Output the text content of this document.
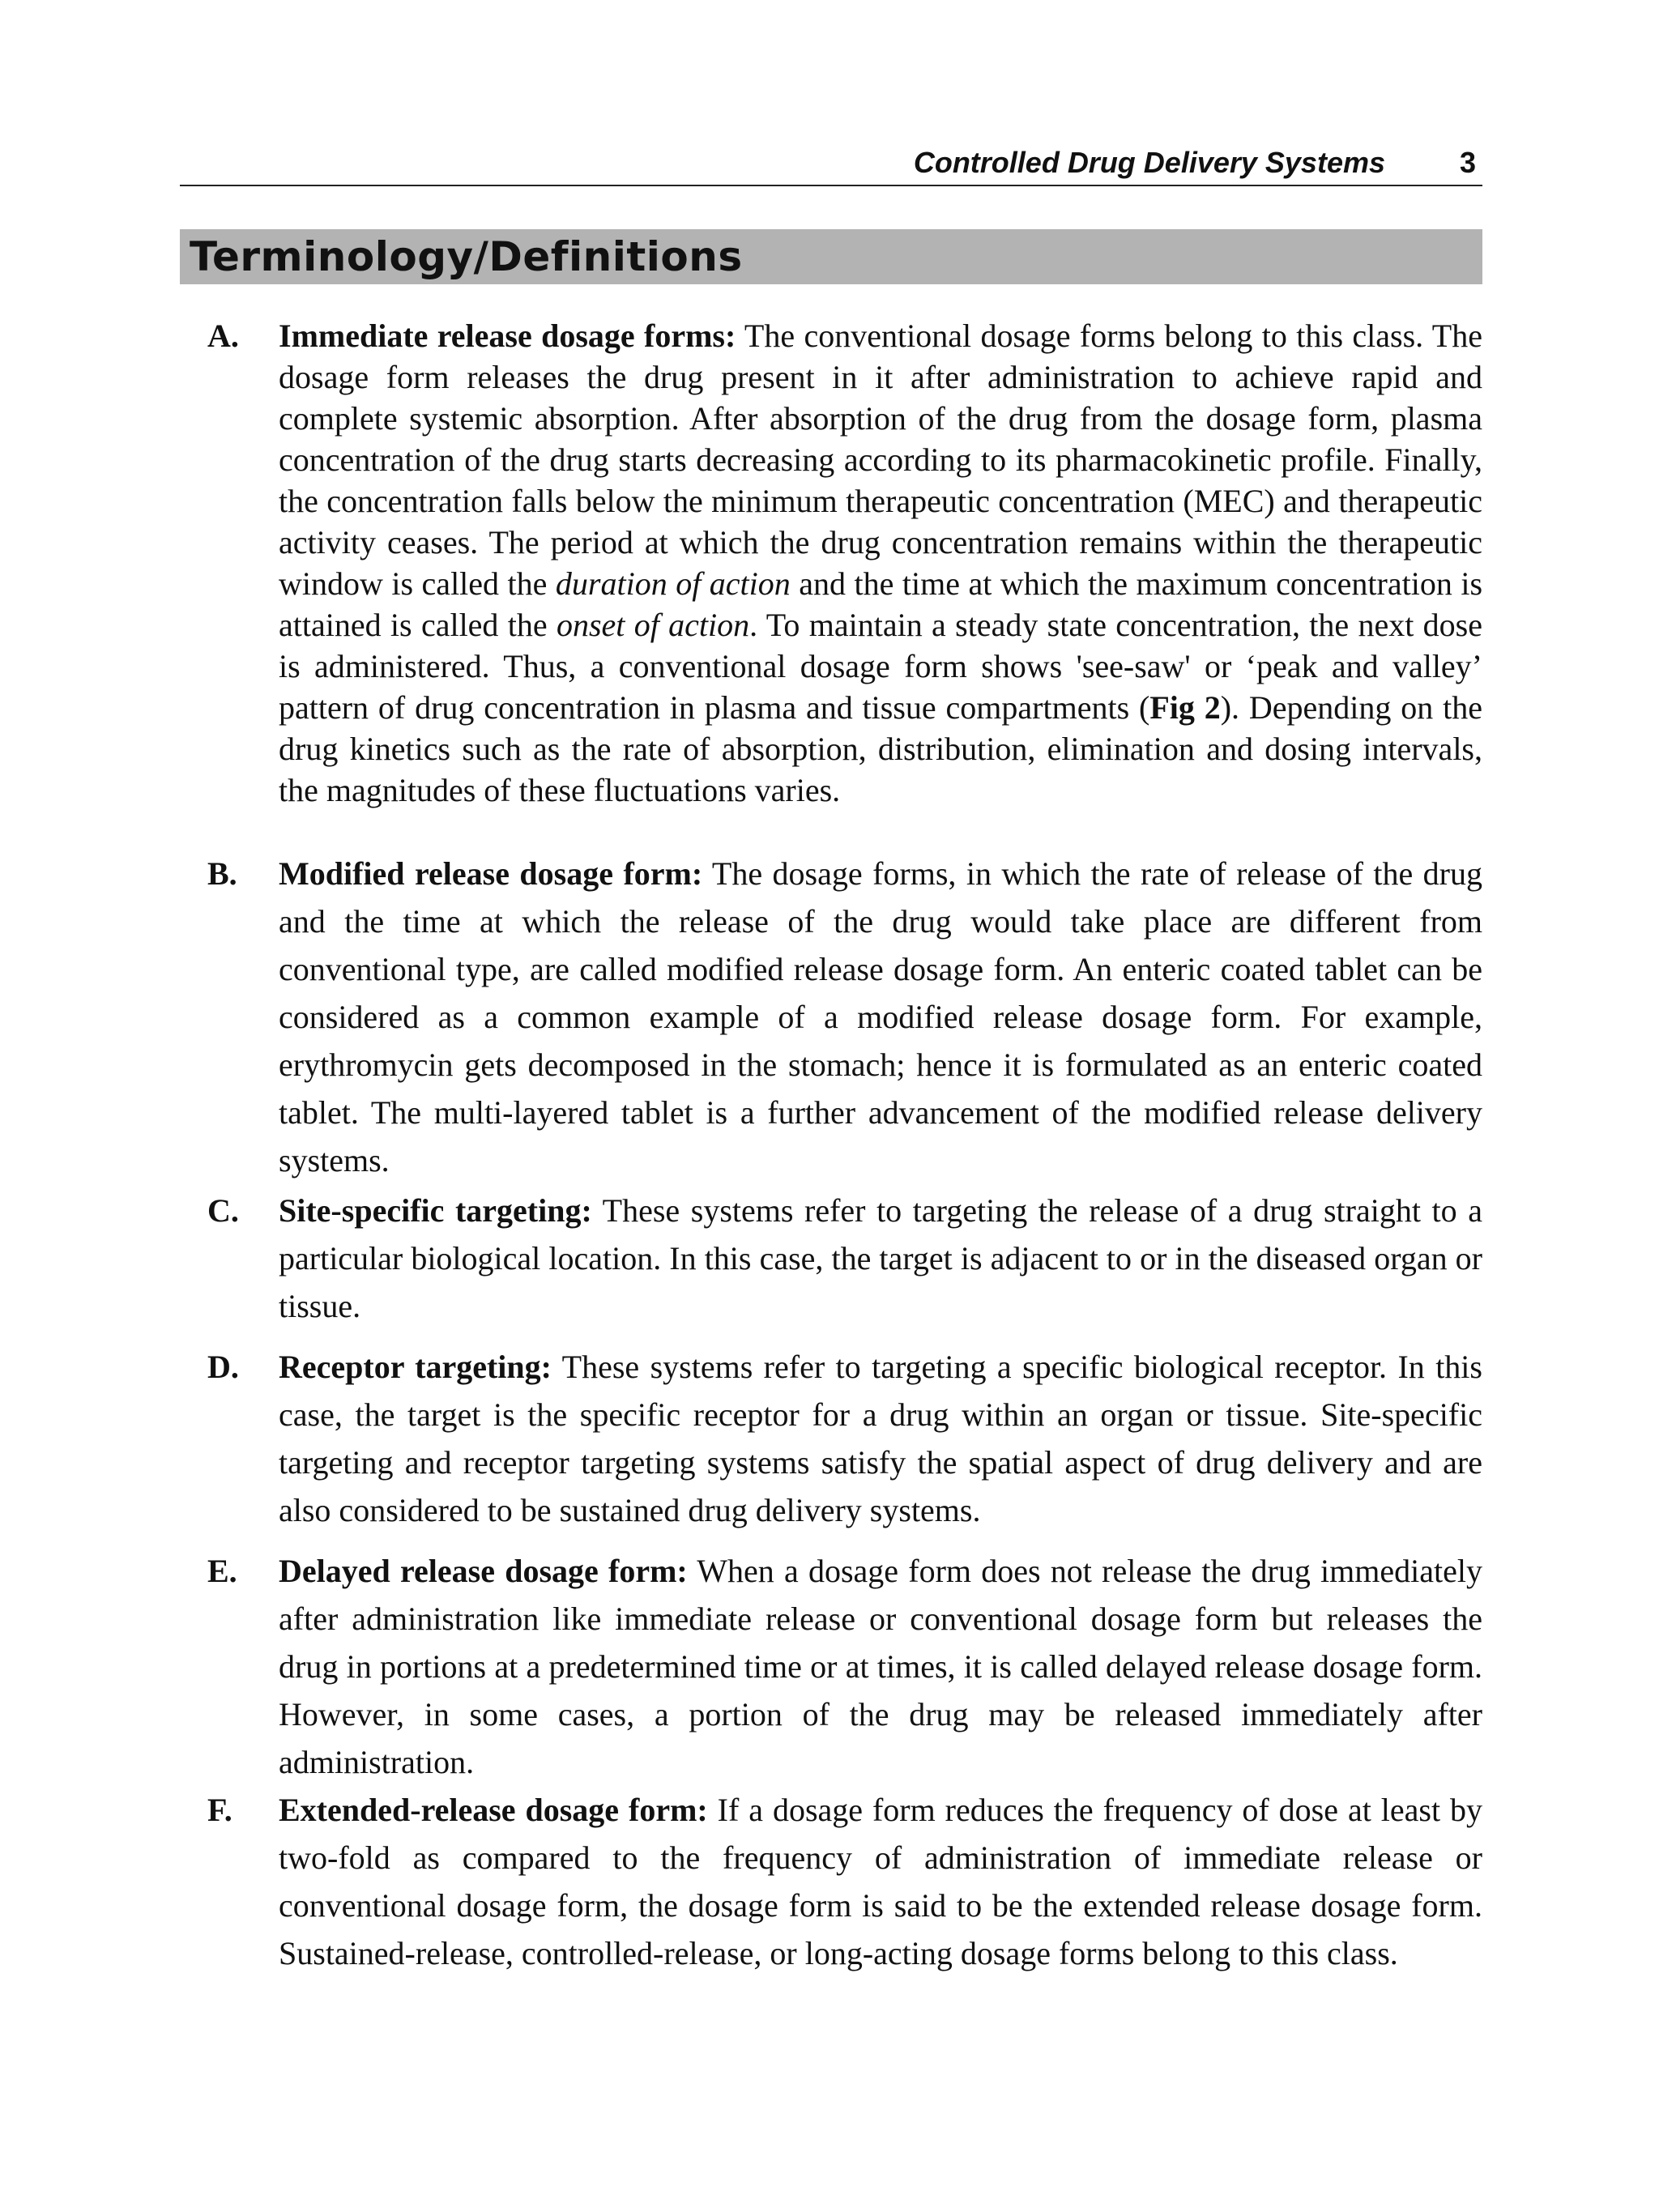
Controlled Drug Delivery Systems	3
Terminology/Definitions
A. Immediate release dosage forms: The conventional dosage forms belong to this class. The dosage form releases the drug present in it after administration to achieve rapid and complete systemic absorption. After absorption of the drug from the dosage form, plasma concentration of the drug starts decreasing according to its pharmacokinetic profile. Finally, the concentration falls below the minimum therapeutic concentration (MEC) and therapeutic activity ceases. The period at which the drug concentration remains within the therapeutic window is called the duration of action and the time at which the maximum concentration is attained is called the onset of action. To maintain a steady state concentration, the next dose is administered. Thus, a conventional dosage form shows 'see-saw' or ‘peak and valley’ pattern of drug concentration in plasma and tissue compartments (Fig 2). Depending on the drug kinetics such as the rate of absorption, distribution, elimination and dosing intervals, the magnitudes of these fluctuations varies.
B. Modified release dosage form: The dosage forms, in which the rate of release of the drug and the time at which the release of the drug would take place are different from conventional type, are called modified release dosage form. An enteric coated tablet can be considered as a common example of a modified release dosage form. For example, erythromycin gets decomposed in the stomach; hence it is formulated as an enteric coated tablet. The multi-layered tablet is a further advancement of the modified release delivery systems.
C. Site-specific targeting: These systems refer to targeting the release of a drug straight to a particular biological location. In this case, the target is adjacent to or in the diseased organ or tissue.
D. Receptor targeting: These systems refer to targeting a specific biological receptor. In this case, the target is the specific receptor for a drug within an organ or tissue. Site-specific targeting and receptor targeting systems satisfy the spatial aspect of drug delivery and are also considered to be sustained drug delivery systems.
E. Delayed release dosage form: When a dosage form does not release the drug immediately after administration like immediate release or conventional dosage form but releases the drug in portions at a predetermined time or at times, it is called delayed release dosage form. However, in some cases, a portion of the drug may be released immediately after administration.
F. Extended-release dosage form: If a dosage form reduces the frequency of dose at least by two-fold as compared to the frequency of administration of immediate release or conventional dosage form, the dosage form is said to be the extended release dosage form. Sustained-release, controlled-release, or long-acting dosage forms belong to this class.
